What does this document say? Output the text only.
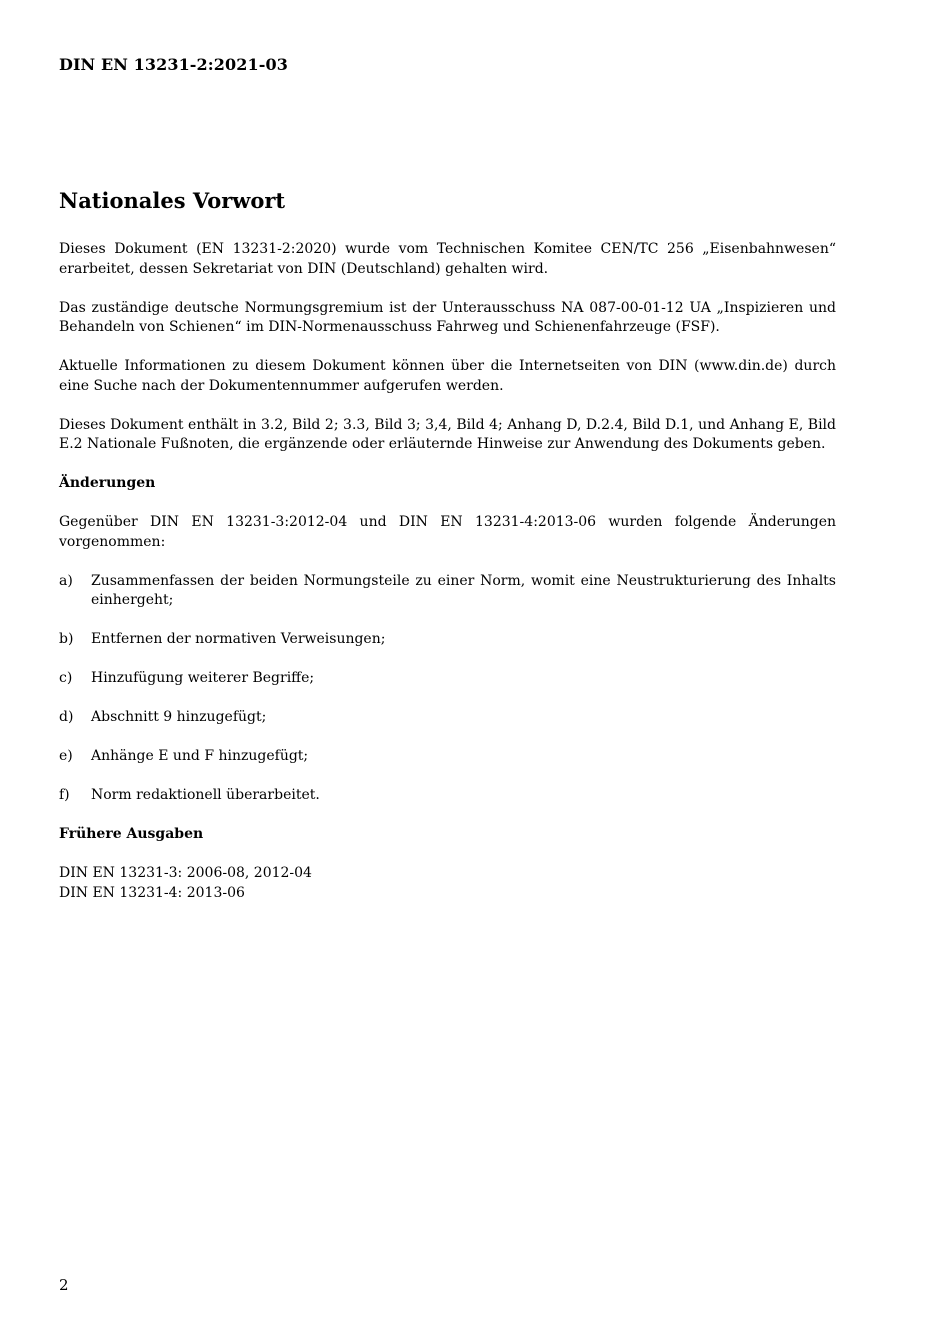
DIN EN 13231-2:2021-03
Nationales Vorwort

Dieses Dokument (EN 13231-2:2020) wurde vom Technischen Komitee CEN/TC 256 „Eisenbahnwesen“ erarbeitet, dessen Sekretariat von DIN (Deutschland) gehalten wird.

Das zuständige deutsche Normungsgremium ist der Unterausschuss NA 087-00-01-12 UA „Inspizieren und Behandeln von Schienen“ im DIN-Normenausschuss Fahrweg und Schienenfahrzeuge (FSF).

Aktuelle Informationen zu diesem Dokument können über die Internetseiten von DIN (www.din.de) durch eine Suche nach der Dokumentennummer aufgerufen werden.

Dieses Dokument enthält in 3.2, Bild 2; 3.3, Bild 3; 3,4, Bild 4; Anhang D, D.2.4, Bild D.1, und Anhang E, Bild E.2 Nationale Fußnoten, die ergänzende oder erläuternde Hinweise zur Anwendung des Dokuments geben.

Änderungen

Gegenüber DIN EN 13231-3:2012-04 und DIN EN 13231-4:2013-06 wurden folgende Änderungen vorgenommen:

a)	Zusammenfassen der beiden Normungsteile zu einer Norm, womit eine Neustrukturierung des Inhalts einhergeht;
b)	Entfernen der normativen Verweisungen;
c)	Hinzufügung weiterer Begriffe;
d)	Abschnitt 9 hinzugefügt;
e)	Anhänge E und F hinzugefügt;
f)	Norm redaktionell überarbeitet.
Frühere Ausgaben
DIN EN 13231-3: 2006-08, 2012-04
DIN EN 13231-4: 2013-06
2
